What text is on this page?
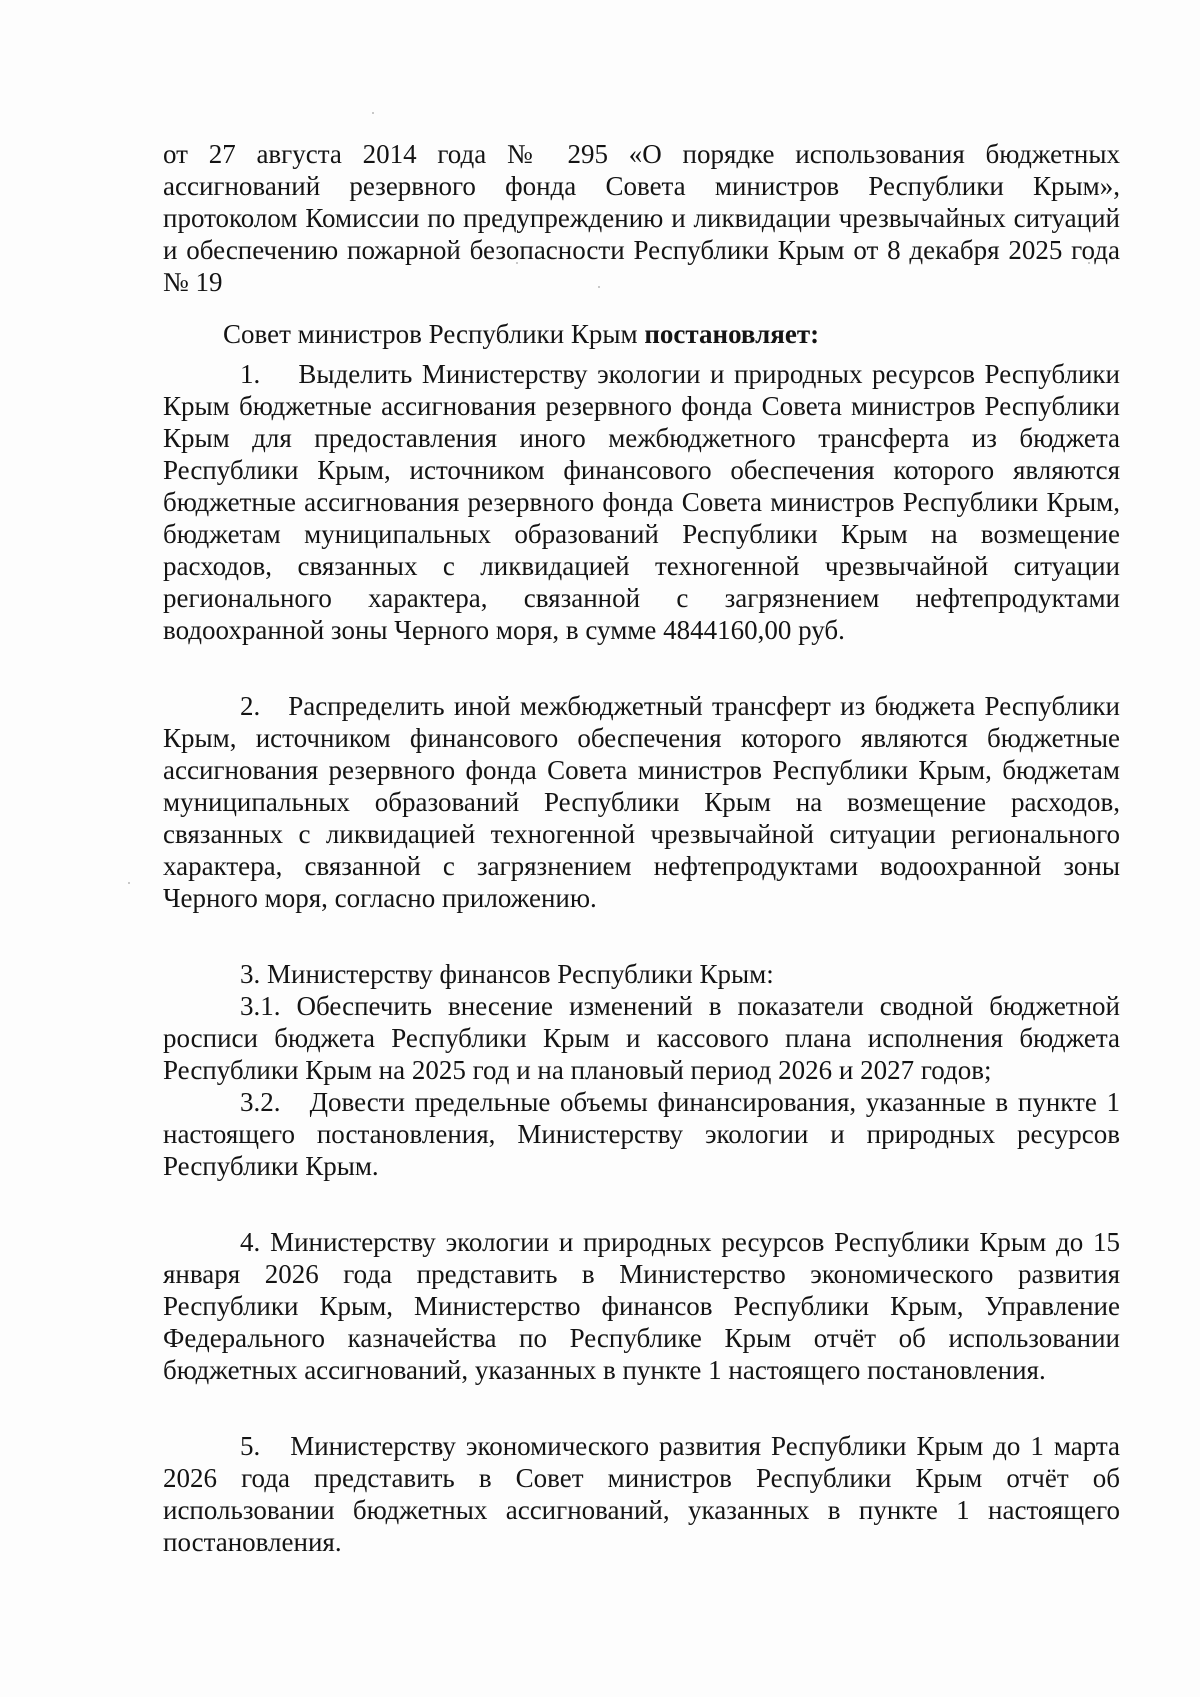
от 27 августа 2014 года № 295 «О порядке использования бюджетных ассигнований резервного фонда Совета министров Республики Крым», протоколом Комиссии по предупреждению и ликвидации чрезвычайных ситуаций и обеспечению пожарной безопасности Республики Крым от 8 декабря 2025 года № 19

Совет министров Республики Крым постановляет:

1. Выделить Министерству экологии и природных ресурсов Республики Крым бюджетные ассигнования резервного фонда Совета министров Республики Крым для предоставления иного межбюджетного трансферта из бюджета Республики Крым, источником финансового обеспечения которого являются бюджетные ассигнования резервного фонда Совета министров Республики Крым, бюджетам муниципальных образований Республики Крым на возмещение расходов, связанных с ликвидацией техногенной чрезвычайной ситуации регионального характера, связанной с загрязнением нефтепродуктами водоохранной зоны Черного моря, в сумме 4844160,00 руб.

2. Распределить иной межбюджетный трансферт из бюджета Республики Крым, источником финансового обеспечения которого являются бюджетные ассигнования резервного фонда Совета министров Республики Крым, бюджетам муниципальных образований Республики Крым на возмещение расходов, связанных с ликвидацией техногенной чрезвычайной ситуации регионального характера, связанной с загрязнением нефтепродуктами водоохранной зоны Черного моря, согласно приложению.

3. Министерству финансов Республики Крым:

3.1. Обеспечить внесение изменений в показатели сводной бюджетной росписи бюджета Республики Крым и кассового плана исполнения бюджета Республики Крым на 2025 год и на плановый период 2026 и 2027 годов;

3.2. Довести предельные объемы финансирования, указанные в пункте 1 настоящего постановления, Министерству экологии и природных ресурсов Республики Крым.

4. Министерству экологии и природных ресурсов Республики Крым до 15 января 2026 года представить в Министерство экономического развития Республики Крым, Министерство финансов Республики Крым, Управление Федерального казначейства по Республике Крым отчёт об использовании бюджетных ассигнований, указанных в пункте 1 настоящего постановления.

5. Министерству экономического развития Республики Крым до 1 марта 2026 года представить в Совет министров Республики Крым отчёт об использовании бюджетных ассигнований, указанных в пункте 1 настоящего постановления.
